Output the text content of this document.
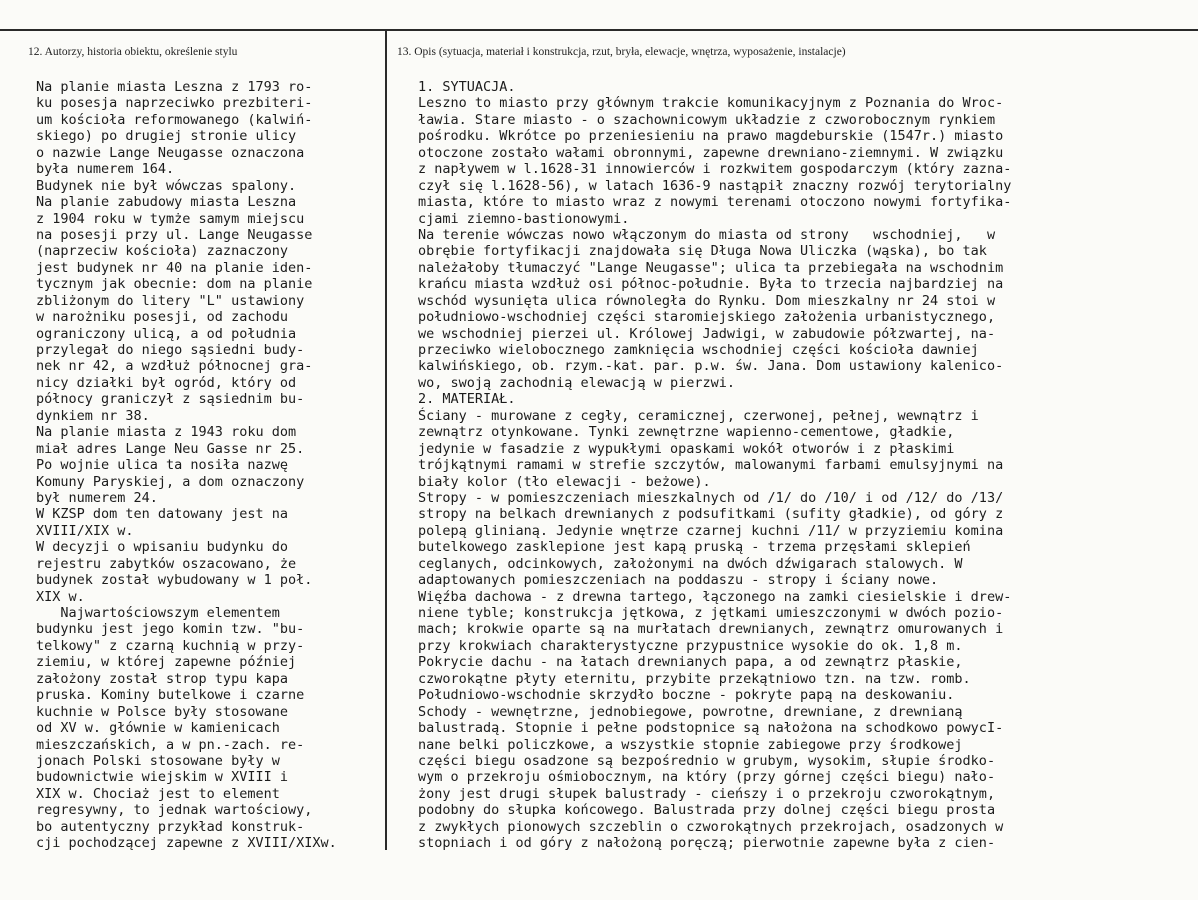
12. Autorzy, historia obiektu, określenie stylu	13. Opis (sytuacja, materiał i konstrukcja, rzut, bryła, elewacje, wnętrza, wyposażenie, instalacje)
Na planie miasta Leszna z 1793 ro-
ku posesja naprzeciwko prezbiteri-
um kościoła reformowanego (kalwiń-
skiego) po drugiej stronie ulicy
o nazwie Lange Neugasse oznaczona
była numerem 164.
Budynek nie był wówczas spalony.
Na planie zabudowy miasta Leszna
z 1904 roku w tymże samym miejscu
na posesji przy ul. Lange Neugasse
(naprzeciw kościoła) zaznaczony
jest budynek nr 40 na planie iden-
tycznym jak obecnie: dom na planie
zbliżonym do litery "L" ustawiony
w narożniku posesji, od zachodu
ograniczony ulicą, a od południa
przylegał do niego sąsiedni budy-
nek nr 42, a wzdłuż północnej gra-
nicy działki był ogród, który od
północy graniczył z sąsiednim bu-
dynkiem nr 38.
Na planie miasta z 1943 roku dom
miał adres Lange Neu Gasse nr 25.
Po wojnie ulica ta nosiła nazwę
Komuny Paryskiej, a dom oznaczony
był numerem 24.
W KZSP dom ten datowany jest na
XVIII/XIX w.
W decyzji o wpisaniu budynku do
rejestru zabytków oszacowano, że
budynek został wybudowany w 1 poł.
XIX w.
Najwartościowszym elementem
budynku jest jego komin tzw. "bu-
telkowy" z czarną kuchnią w przy-
ziemiu, w której zapewne później
założony został strop typu kapa
pruska. Kominy butelkowe i czarne
kuchnie w Polsce były stosowane
od XV w. głównie w kamienicach
mieszczańskich, a w pn.-zach. re-
jonach Polski stosowane były w
budownictwie wiejskim w XVIII i
XIX w. Chociaż jest to element
regresywny, to jednak wartościowy,
bo autentyczny przykład konstruk-
cji pochodzącej zapewne z XVIII/XIXw.
1. SYTUACJA.
Leszno to miasto przy głównym trakcie komunikacyjnym z Poznania do Wroc-
ławia. Stare miasto - o szachownicowym układzie z czworobocznym rynkiem
pośrodku. Wkrótce po przeniesieniu na prawo magdeburskie (1547r.) miasto
otoczone zostało wałami obronnymi, zapewne drewniano-ziemnymi. W związku
z napływem w l.1628-31 innowierców i rozkwitem gospodarczym (który zazna-
czył się l.1628-56), w latach 1636-9 nastąpił znaczny rozwój terytorialny
miasta, które to miasto wraz z nowymi terenami otoczono nowymi fortyfika-
cjami ziemno-bastionowymi.
Na terenie wówczas nowo włączonym do miasta od strony   wschodniej,   w
obrębie fortyfikacji znajdowała się Długa Nowa Uliczka (wąska), bo tak
należałoby tłumaczyć "Lange Neugasse"; ulica ta przebiegała na wschodnim
krańcu miasta wzdłuż osi północ-południe. Była to trzecia najbardziej na
wschód wysunięta ulica równoległa do Rynku. Dom mieszkalny nr 24 stoi w
południowo-wschodniej części staromiejskiego założenia urbanistycznego,
we wschodniej pierzei ul. Królowej Jadwigi, w zabudowie półzwartej, na-
przeciwko wielobocznego zamknięcia wschodniej części kościoła dawniej
kalwińskiego, ob. rzym.-kat. par. p.w. św. Jana. Dom ustawiony kalenico-
wo, swoją zachodnią elewacją w pierzwi.
2. MATERIAŁ.
Ściany - murowane z cegły, ceramicznej, czerwonej, pełnej, wewnątrz i
zewnątrz otynkowane. Tynki zewnętrzne wapienno-cementowe, gładkie,
jedynie w fasadzie z wypukłymi opaskami wokół otworów i z płaskimi
trójkątnymi ramami w strefie szczytów, malowanymi farbami emulsyjnymi na
biały kolor (tło elewacji - beżowe).
Stropy - w pomieszczeniach mieszkalnych od /1/ do /10/ i od /12/ do /13/
stropy na belkach drewnianych z podsufitkami (sufity gładkie), od góry z
polepą glinianą. Jedynie wnętrze czarnej kuchni /11/ w przyziemiu komina
butelkowego zasklepione jest kapą pruską - trzema przęsłami sklepień
ceglanych, odcinkowych, założonymi na dwóch dźwigarach stalowych. W
adaptowanych pomieszczeniach na poddaszu - stropy i ściany nowe.
Więźba dachowa - z drewna tartego, łączonego na zamki ciesielskie i drew-
niene tyble; konstrukcja jętkowa, z jętkami umieszczonymi w dwóch pozio-
mach; krokwie oparte są na murłatach drewnianych, zewnątrz omurowanych i
przy krokwiach charakterystyczne przypustnice wysokie do ok. 1,8 m.
Pokrycie dachu - na łatach drewnianych papa, a od zewnątrz płaskie,
czworokątne płyty eternitu, przybite przekątniowo tzn. na tzw. romb.
Południowo-wschodnie skrzydło boczne - pokryte papą na deskowaniu.
Schody - wewnętrzne, jednobiegowe, powrotne, drewniane, z drewnianą
balustradą. Stopnie i pełne podstopnice są nałożona na schodkowo powycI-
nane belki policzkowe, a wszystkie stopnie zabiegowe przy środkowej
części biegu osadzone są bezpośrednio w grubym, wysokim, słupie środko-
wym o przekroju ośmiobocznym, na który (przy górnej części biegu) nało-
żony jest drugi słupek balustrady - cieńszy i o przekroju czworokątnym,
podobny do słupka końcowego. Balustrada przy dolnej części biegu prosta
z zwykłych pionowych szczeblin o czworokątnych przekrojach, osadzonych w
stopniach i od góry z nałożoną poręczą; pierwotnie zapewne była z cien-
